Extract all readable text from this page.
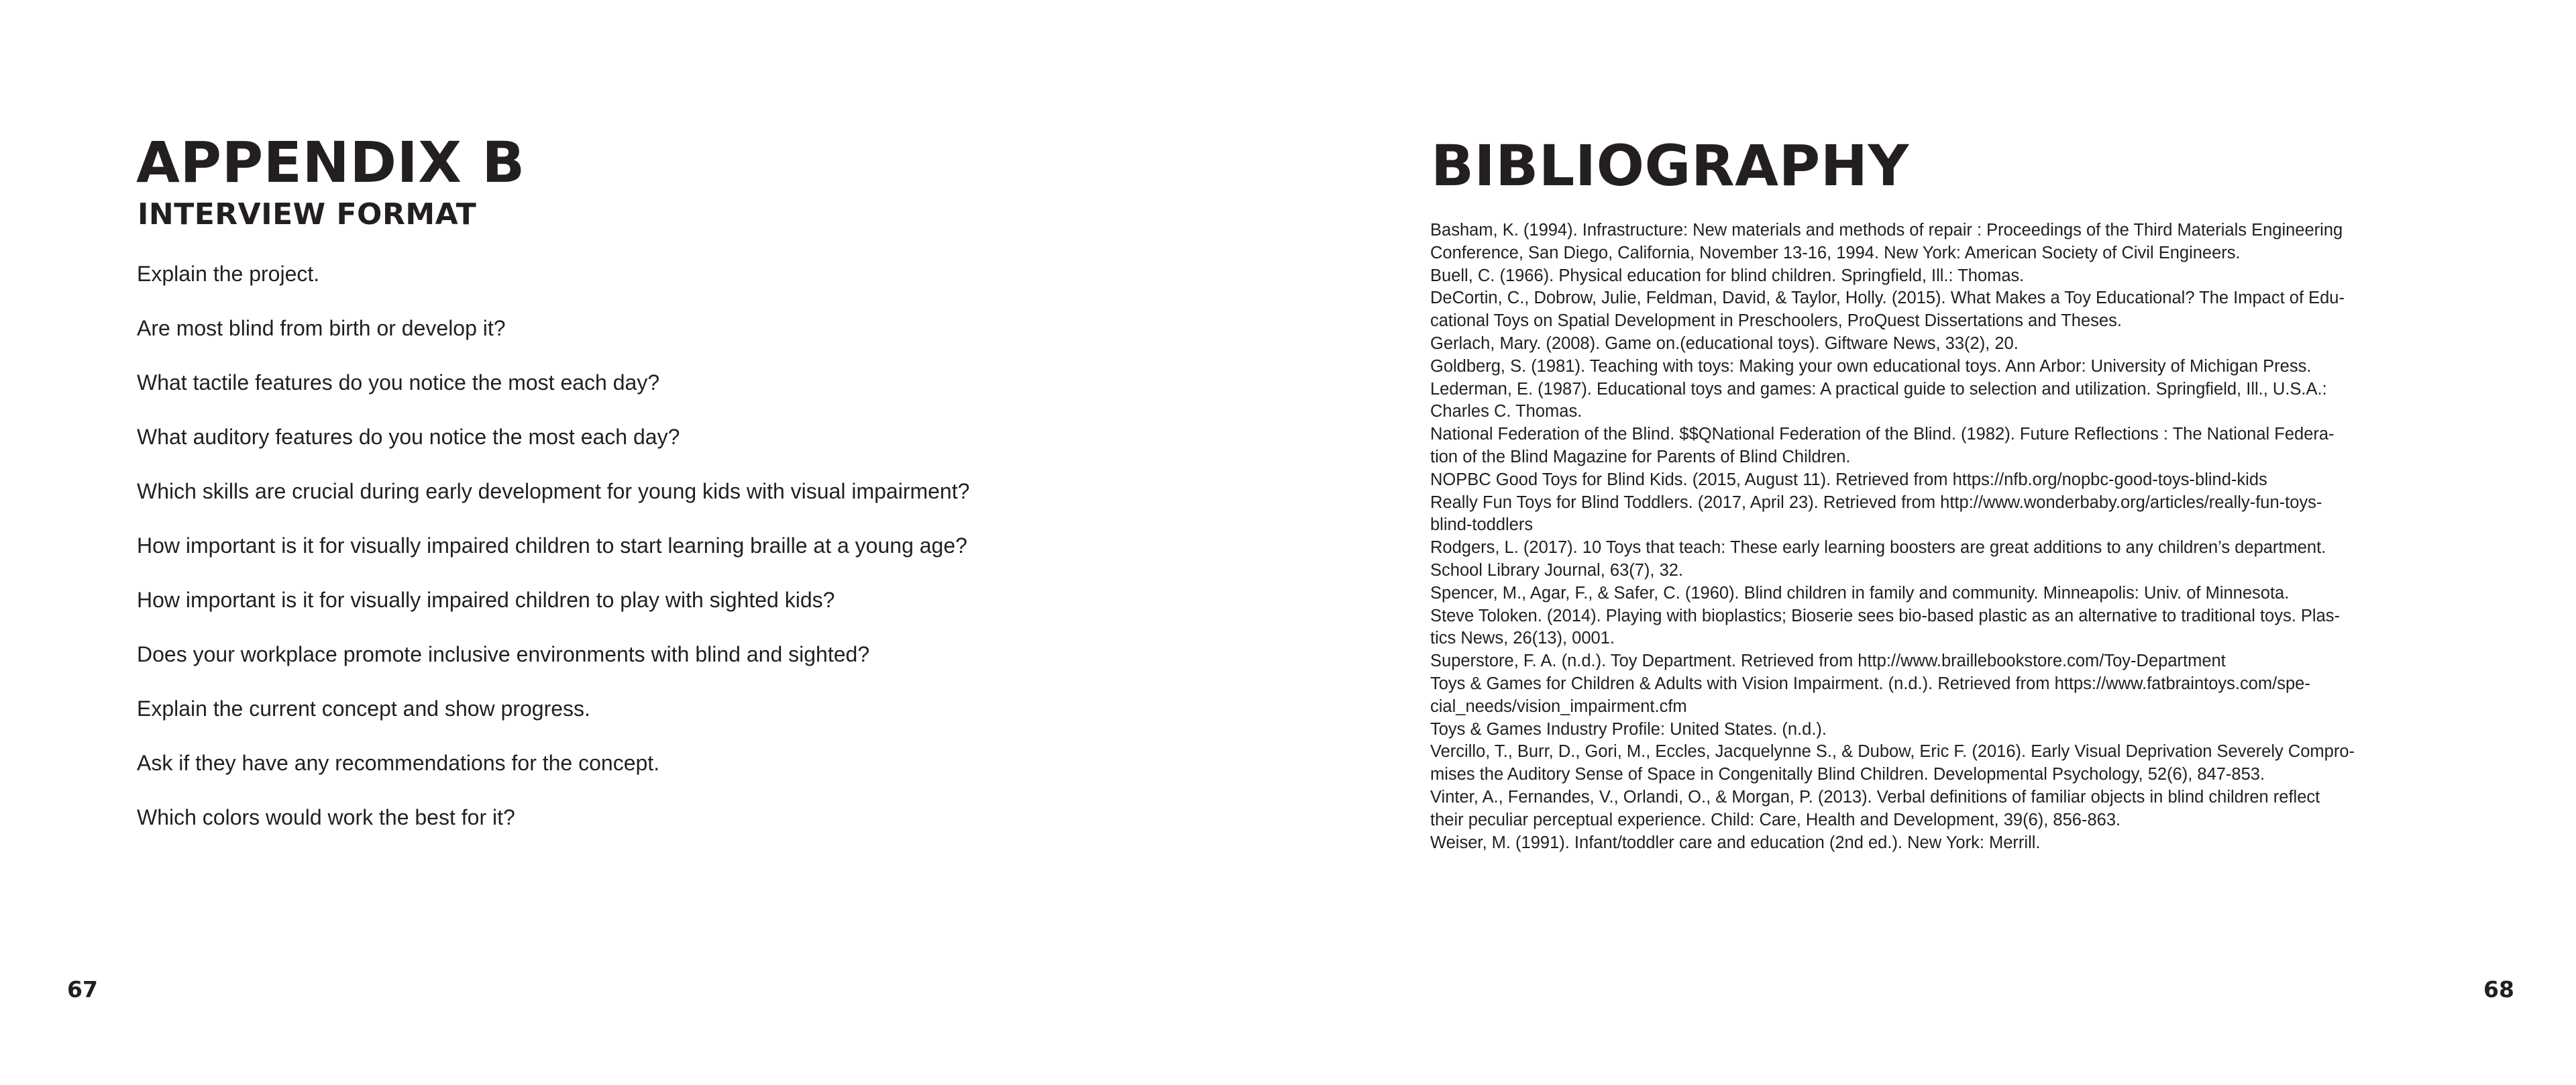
APPENDIX B
INTERVIEW FORMAT
Explain the project.
Are most blind from birth or develop it?
What tactile features do you notice the most each day?
What auditory features do you notice the most each day?
Which skills are crucial during early development for young kids with visual impairment?
How important is it for visually impaired children to start learning braille at a young age?
How important is it for visually impaired children to play with sighted kids?
Does your workplace promote inclusive environments with blind and sighted?
Explain the current concept and show progress.
Ask if they have any recommendations for the concept.
Which colors would work the best for it?
67
BIBLIOGRAPHY
Basham, K. (1994). Infrastructure: New materials and methods of repair : Proceedings of the Third Materials Engineering
Conference, San Diego, California, November 13-16, 1994. New York: American Society of Civil Engineers.
Buell, C. (1966). Physical education for blind children. Springfield, Ill.: Thomas.
DeCortin, C., Dobrow, Julie, Feldman, David, & Taylor, Holly. (2015). What Makes a Toy Educational? The Impact of Edu-
cational Toys on Spatial Development in Preschoolers, ProQuest Dissertations and Theses.
Gerlach, Mary. (2008). Game on.(educational toys). Giftware News, 33(2), 20.
Goldberg, S. (1981). Teaching with toys: Making your own educational toys. Ann Arbor: University of Michigan Press.
Lederman, E. (1987). Educational toys and games: A practical guide to selection and utilization. Springfield, Ill., U.S.A.:
Charles C. Thomas.
National Federation of the Blind. $$QNational Federation of the Blind. (1982). Future Reflections : The National Federa-
tion of the Blind Magazine for Parents of Blind Children.
NOPBC Good Toys for Blind Kids. (2015, August 11). Retrieved from https://nfb.org/nopbc-good-toys-blind-kids
Really Fun Toys for Blind Toddlers. (2017, April 23). Retrieved from http://www.wonderbaby.org/articles/really-fun-toys-
blind-toddlers
Rodgers, L. (2017). 10 Toys that teach: These early learning boosters are great additions to any children’s department.
School Library Journal, 63(7), 32.
Spencer, M., Agar, F., & Safer, C. (1960). Blind children in family and community. Minneapolis: Univ. of Minnesota.
Steve Toloken. (2014). Playing with bioplastics; Bioserie sees bio-based plastic as an alternative to traditional toys. Plas-
tics News, 26(13), 0001.
Superstore, F. A. (n.d.). Toy Department. Retrieved from http://www.braillebookstore.com/Toy-Department
Toys & Games for Children & Adults with Vision Impairment. (n.d.). Retrieved from https://www.fatbraintoys.com/spe-
cial_needs/vision_impairment.cfm
Toys & Games Industry Profile: United States. (n.d.).
Vercillo, T., Burr, D., Gori, M., Eccles, Jacquelynne S., & Dubow, Eric F. (2016). Early Visual Deprivation Severely Compro-
mises the Auditory Sense of Space in Congenitally Blind Children. Developmental Psychology, 52(6), 847-853.
Vinter, A., Fernandes, V., Orlandi, O., & Morgan, P. (2013). Verbal definitions of familiar objects in blind children reflect
their peculiar perceptual experience. Child: Care, Health and Development, 39(6), 856-863.
Weiser, M. (1991). Infant/toddler care and education (2nd ed.). New York: Merrill.
68
